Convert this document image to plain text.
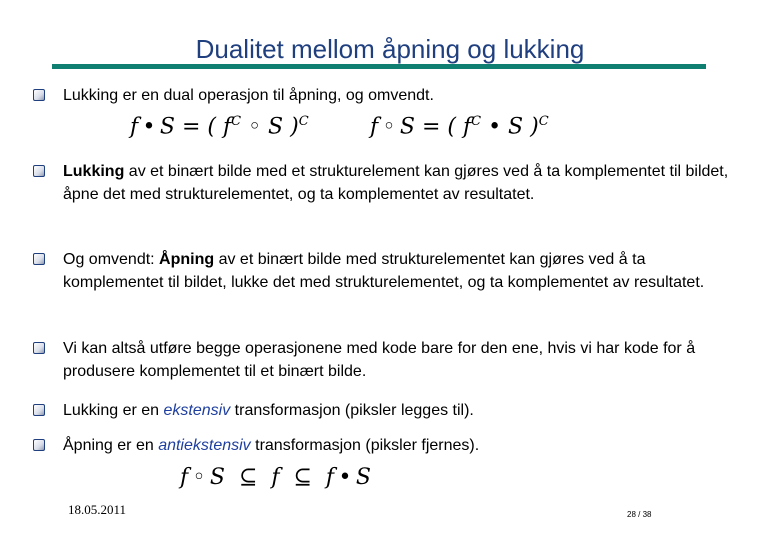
Dualitet mellom åpning og lukking
Lukking er en dual operasjon til åpning, og omvendt.
f • S = ( $f^C$ ◦ S )$^C$	f ◦ S = ( $f^C$ • S )$^C$
Lukking av et binært bilde med et strukturelement kan gjøres ved å ta komplementet til bildet, åpne det med strukturelementet, og ta komplementet av resultatet.
Og omvendt: Åpning av et binært bilde med strukturelementet kan gjøres ved å ta komplementet til bildet, lukke det med strukturelementet, og ta komplementet av resultatet.
Vi kan altså utføre begge operasjonene med kode bare for den ene, hvis vi har kode for å produsere komplementet til et binært bilde.
Lukking er en ekstensiv transformasjon (piksler legges til).
Åpning er en antiekstensiv transformasjon (piksler fjernes).
f ◦ S  ⊆  f  ⊆  f • S
18.05.2011	28 / 38
